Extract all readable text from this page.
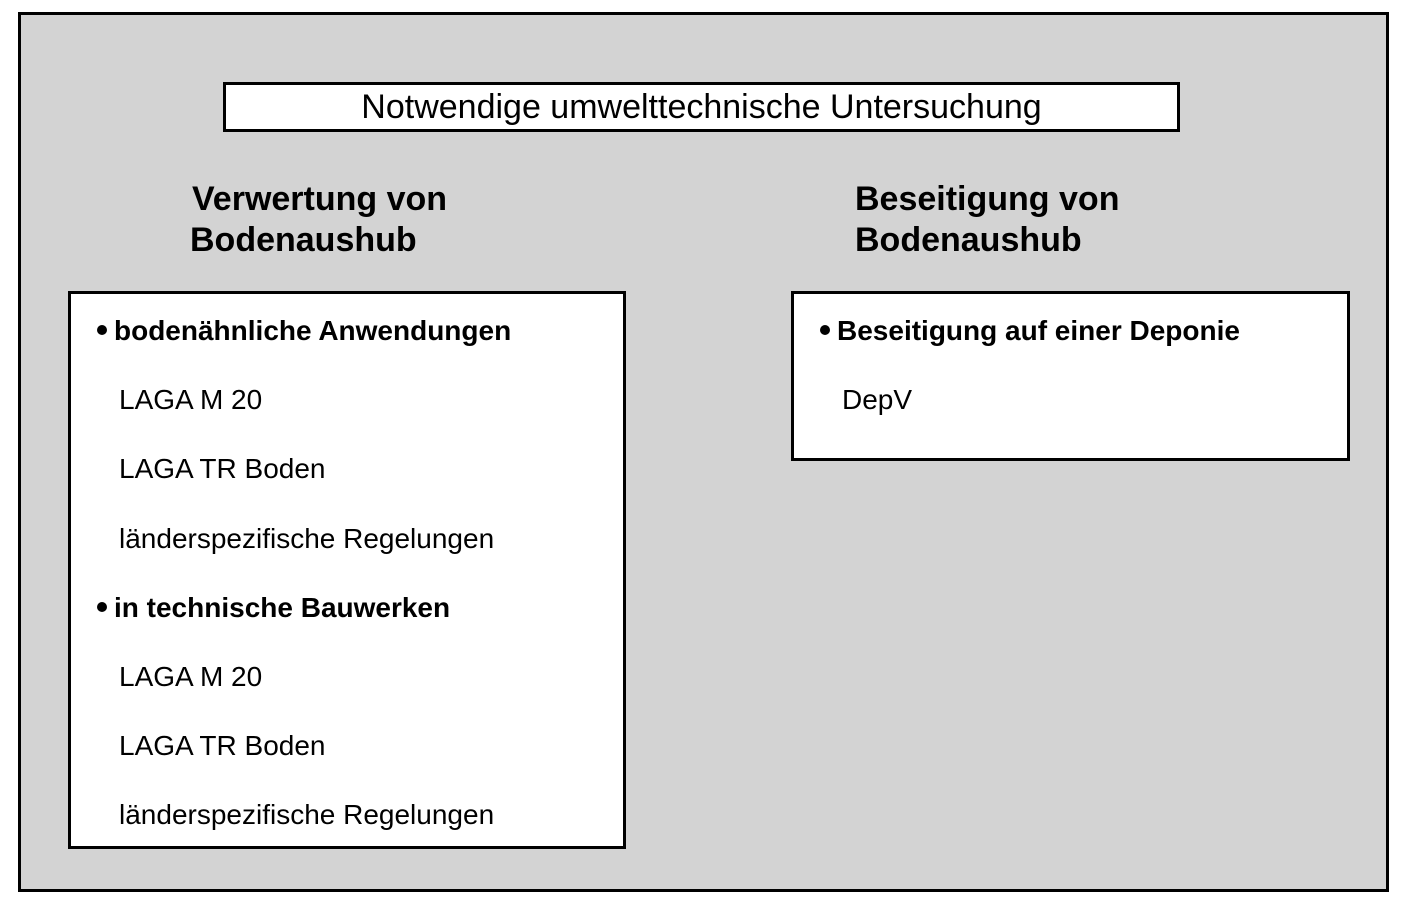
Notwendige umwelttechnische Untersuchung
Verwertung von
Bodenaushub
Beseitigung von
Bodenaushub
bodenähnliche Anwendungen
LAGA M 20
LAGA TR Boden
länderspezifische Regelungen
in technische Bauwerken
LAGA M 20
LAGA TR Boden
länderspezifische Regelungen
Beseitigung auf einer Deponie
DepV
